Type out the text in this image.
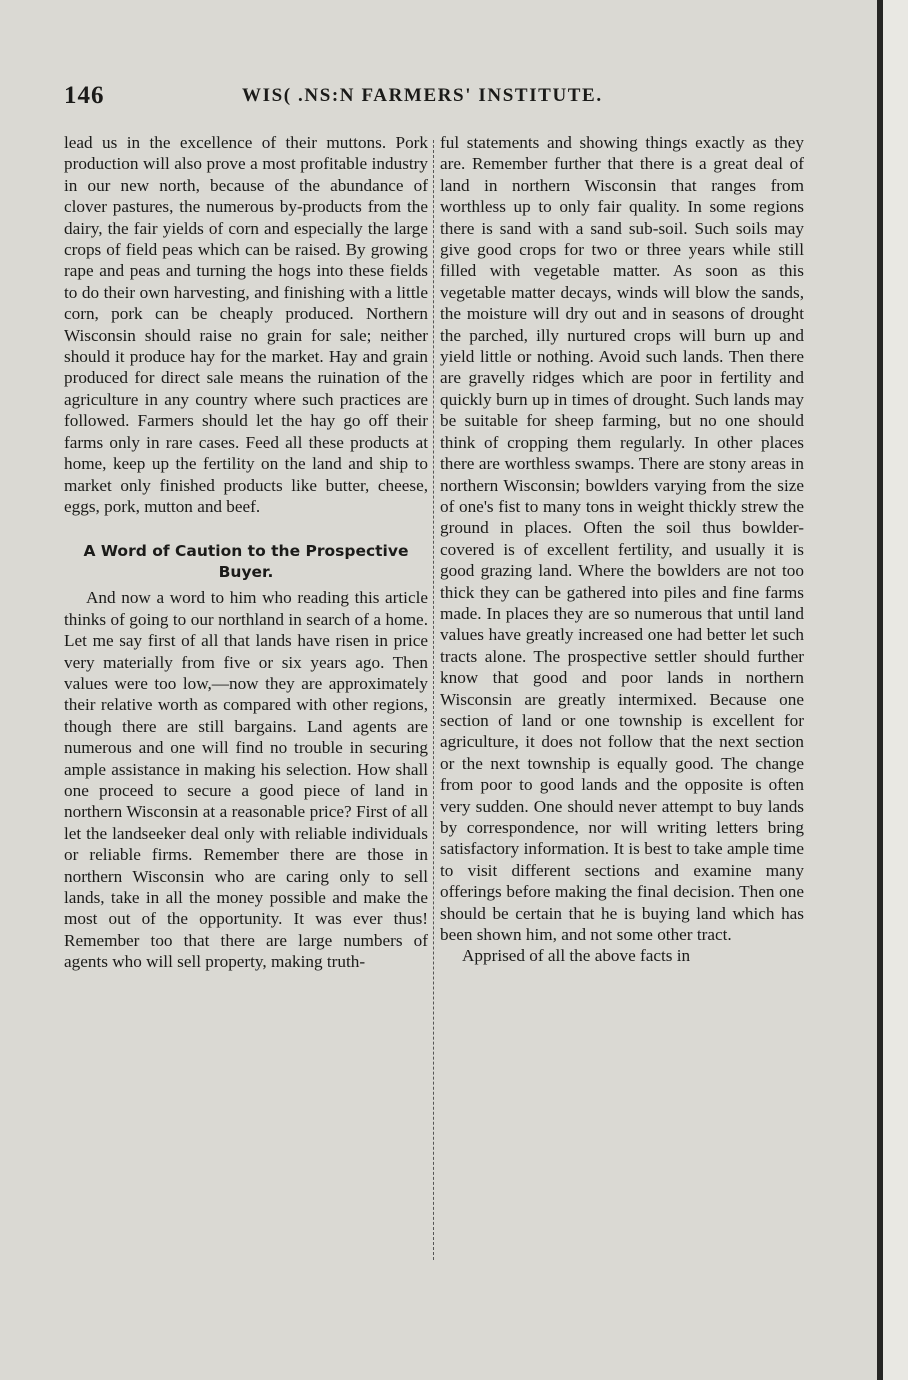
146	WIS( .NS:N FARMERS' INSTITUTE.

lead us in the excellence of their muttons. Pork production will also prove a most profitable industry in our new north, because of the abundance of clover pastures, the numerous by-products from the dairy, the fair yields of corn and especially the large crops of field peas which can be raised. By growing rape and peas and turning the hogs into these fields to do their own harvesting, and finishing with a little corn, pork can be cheaply produced. Northern Wisconsin should raise no grain for sale; neither should it produce hay for the market. Hay and grain produced for direct sale means the ruination of the agriculture in any country where such practices are followed. Farmers should let the hay go off their farms only in rare cases. Feed all these products at home, keep up the fertility on the land and ship to market only finished products like butter, cheese, eggs, pork, mutton and beef.

A Word of Caution to the Prospective Buyer.

And now a word to him who reading this article thinks of going to our northland in search of a home. Let me say first of all that lands have risen in price very materially from five or six years ago. Then values were too low,—now they are approximately their relative worth as compared with other regions, though there are still bargains. Land agents are numerous and one will find no trouble in securing ample assistance in making his selection. How shall one proceed to secure a good piece of land in northern Wisconsin at a reasonable price? First of all let the landseeker deal only with reliable individuals or reliable firms. Remember there are those in northern Wisconsin who are caring only to sell lands, take in all the money possible and make the most out of the opportunity. It was ever thus! Remember too that there are large numbers of agents who will sell property, making truth-

ful statements and showing things exactly as they are. Remember further that there is a great deal of land in northern Wisconsin that ranges from worthless up to only fair quality. In some regions there is sand with a sand sub-soil. Such soils may give good crops for two or three years while still filled with vegetable matter. As soon as this vegetable matter decays, winds will blow the sands, the moisture will dry out and in seasons of drought the parched, illy nurtured crops will burn up and yield little or nothing. Avoid such lands. Then there are gravelly ridges which are poor in fertility and quickly burn up in times of drought. Such lands may be suitable for sheep farming, but no one should think of cropping them regularly. In other places there are worthless swamps. There are stony areas in northern Wisconsin; bowlders varying from the size of one's fist to many tons in weight thickly strew the ground in places. Often the soil thus bowlder-covered is of excellent fertility, and usually it is good grazing land. Where the bowlders are not too thick they can be gathered into piles and fine farms made. In places they are so numerous that until land values have greatly increased one had better let such tracts alone. The prospective settler should further know that good and poor lands in northern Wisconsin are greatly intermixed. Because one section of land or one township is excellent for agriculture, it does not follow that the next section or the next township is equally good. The change from poor to good lands and the opposite is often very sudden. One should never attempt to buy lands by correspondence, nor will writing letters bring satisfactory information. It is best to take ample time to visit different sections and examine many offerings before making the final decision. Then one should be certain that he is buying land which has been shown him, and not some other tract.

Apprised of all the above facts in
